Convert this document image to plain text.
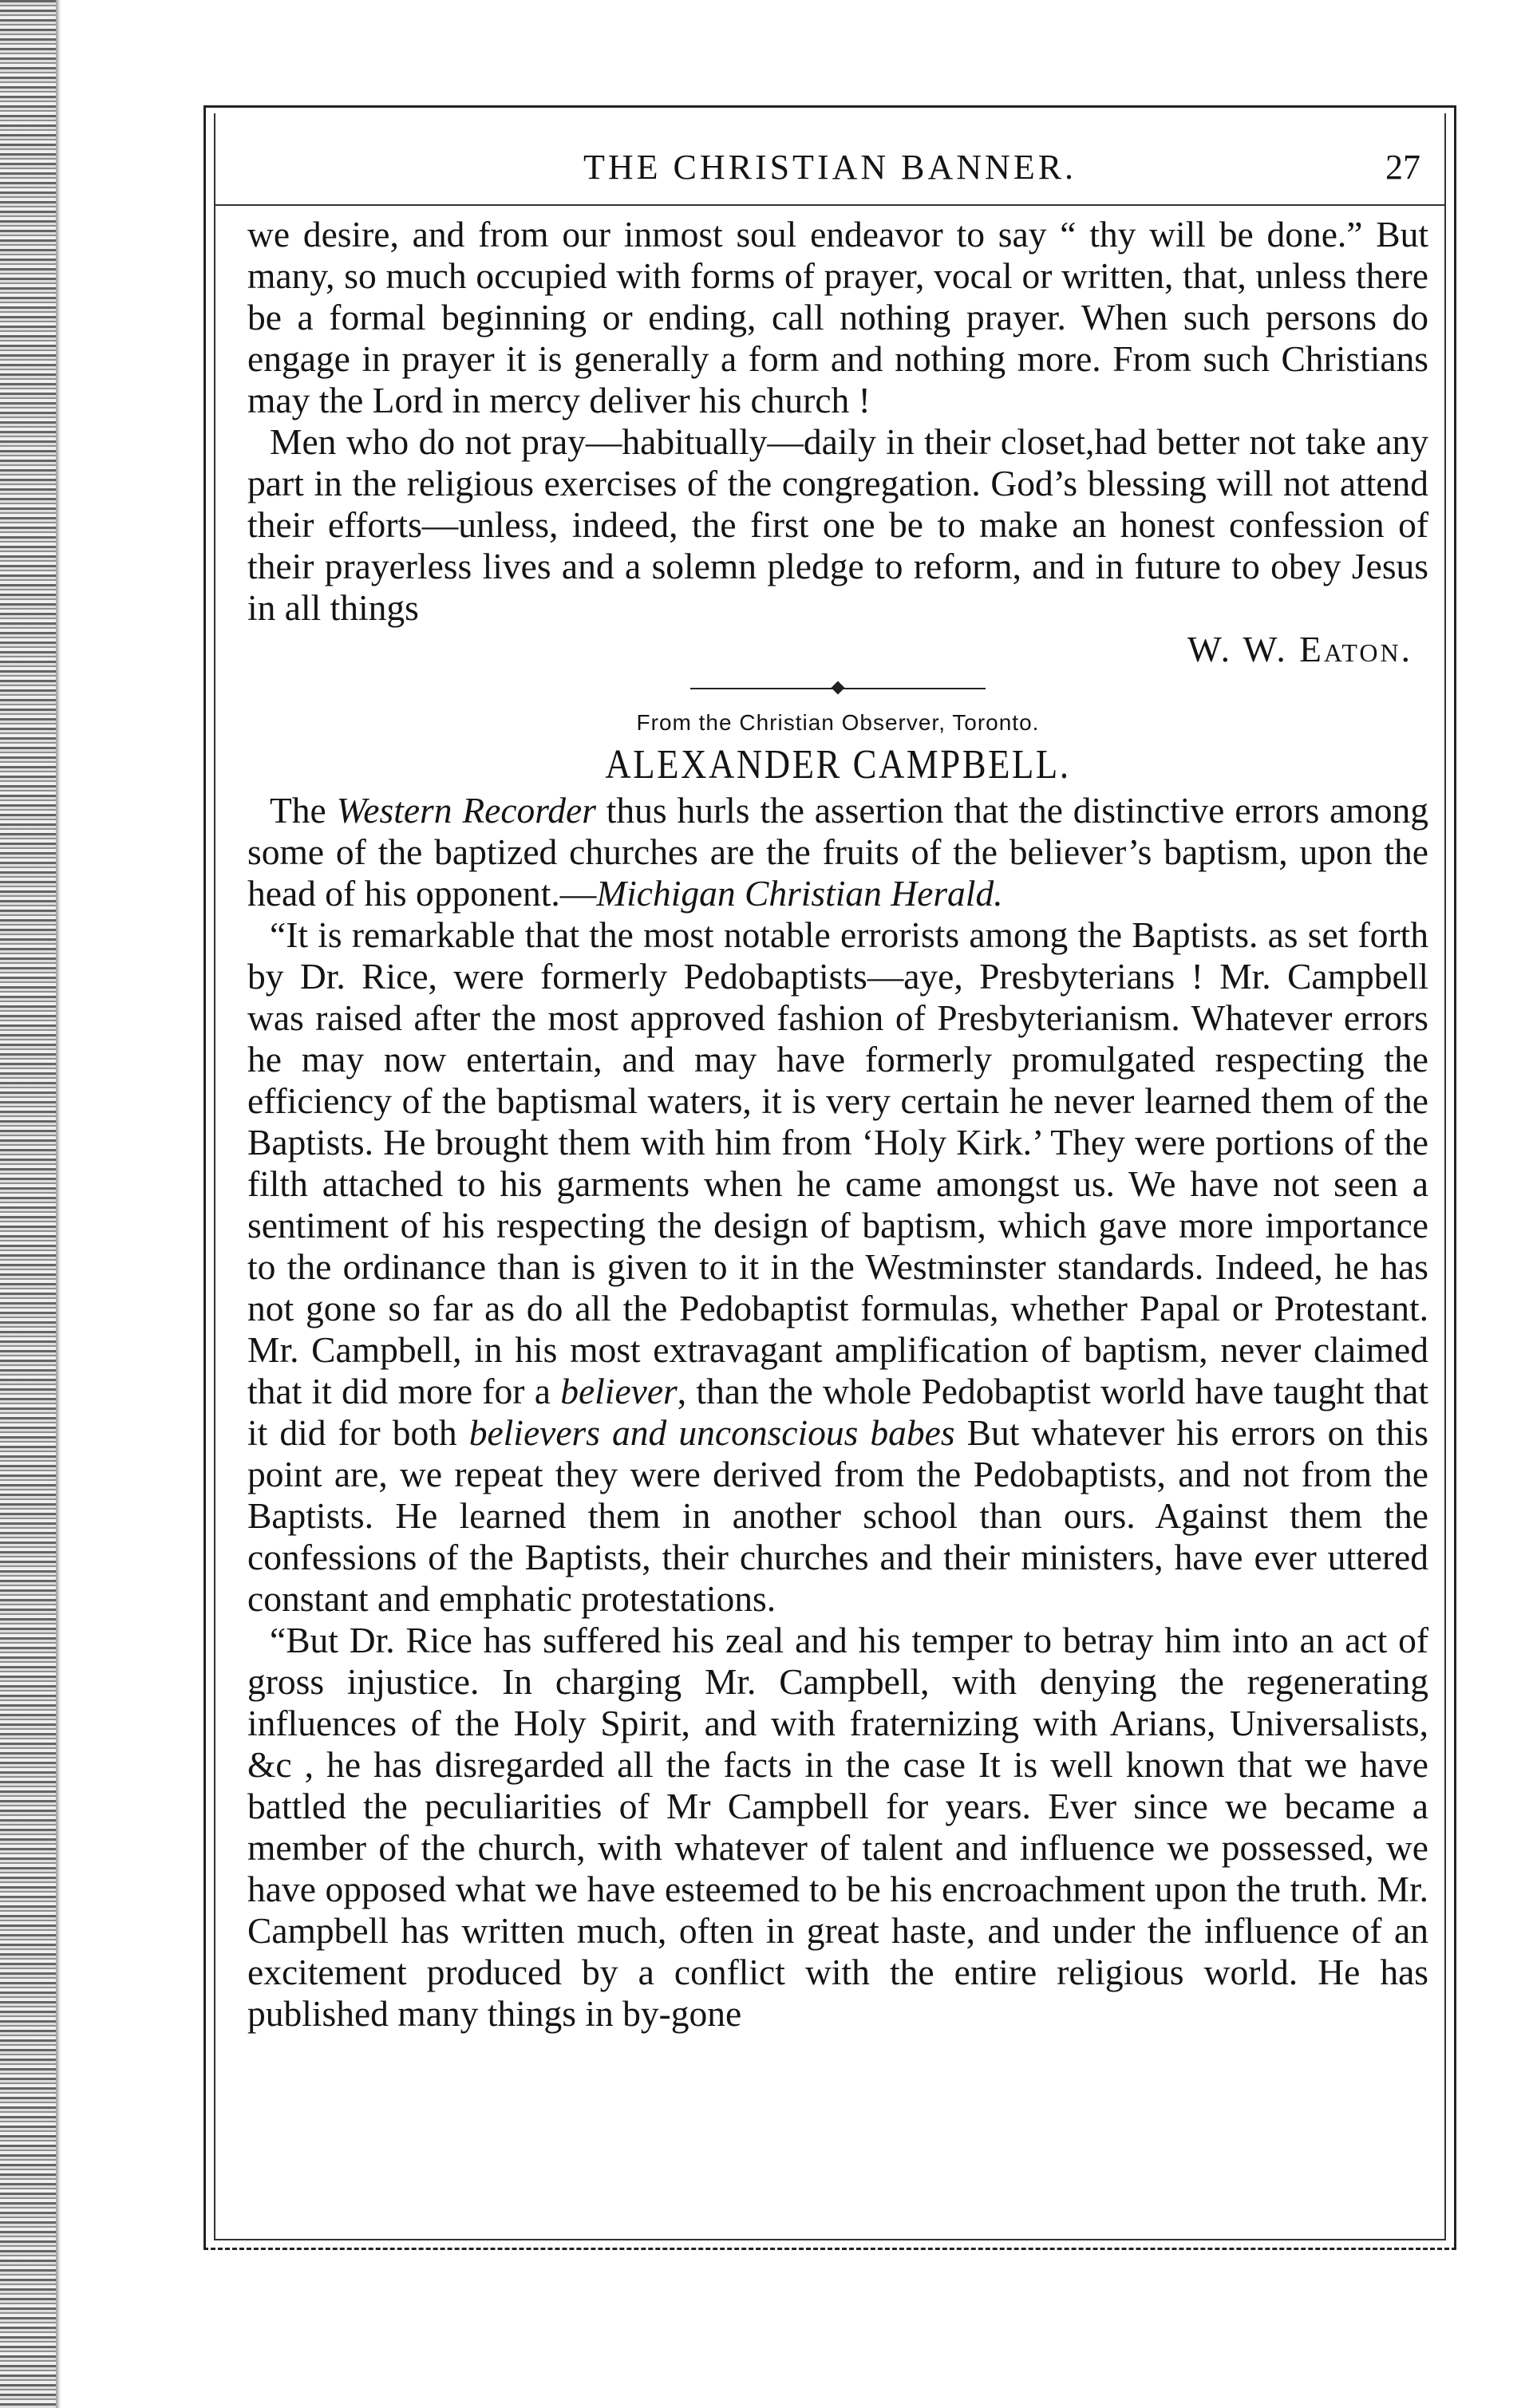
THE CHRISTIAN BANNER.	27

we desire, and from our inmost soul endeavor to say “ thy will be done.” But many, so much occupied with forms of prayer, vocal or written, that, unless there be a formal beginning or ending, call nothing prayer. When such persons do engage in prayer it is generally a form and nothing more. From such Christians may the Lord in mercy deliver his church !

Men who do not pray—habitually—daily in their closet,had better not take any part in the religious exercises of the congregation. God’s blessing will not attend their efforts—unless, indeed, the first one be to make an honest confession of their prayerless lives and a solemn pledge to reform, and in future to obey Jesus in all things

W. W. Eaton.
From the Christian Observer, Toronto.
ALEXANDER CAMPBELL.

The Western Recorder thus hurls the assertion that the distinctive errors among some of the baptized churches are the fruits of the believer’s baptism, upon the head of his opponent.—Michigan Christian Herald.

“It is remarkable that the most notable errorists among the Baptists. as set forth by Dr. Rice, were formerly Pedobaptists—aye, Presbyterians ! Mr. Campbell was raised after the most approved fashion of Presbyterianism. Whatever errors he may now entertain, and may have formerly promulgated respecting the efficiency of the baptismal waters, it is very certain he never learned them of the Baptists. He brought them with him from ‘Holy Kirk.’ They were portions of the filth attached to his garments when he came amongst us. We have not seen a sentiment of his respecting the design of baptism, which gave more importance to the ordinance than is given to it in the Westminster standards. Indeed, he has not gone so far as do all the Pedobaptist formulas, whether Papal or Protestant. Mr. Campbell, in his most extravagant amplification of baptism, never claimed that it did more for a believer, than the whole Pedobaptist world have taught that it did for both believers and unconscious babes But whatever his errors on this point are, we repeat they were derived from the Pedobaptists, and not from the Baptists. He learned them in another school than ours. Against them the confessions of the Baptists, their churches and their ministers, have ever uttered constant and emphatic protestations.

“But Dr. Rice has suffered his zeal and his temper to betray him into an act of gross injustice. In charging Mr. Campbell, with denying the regenerating influences of the Holy Spirit, and with fraternizing with Arians, Universalists, &c , he has disregarded all the facts in the case It is well known that we have battled the peculiarities of Mr Campbell for years. Ever since we became a member of the church, with whatever of talent and influence we possessed, we have opposed what we have esteemed to be his encroachment upon the truth. Mr. Campbell has written much, often in great haste, and under the influence of an excitement produced by a conflict with the entire religious world. He has published many things in by-gone
